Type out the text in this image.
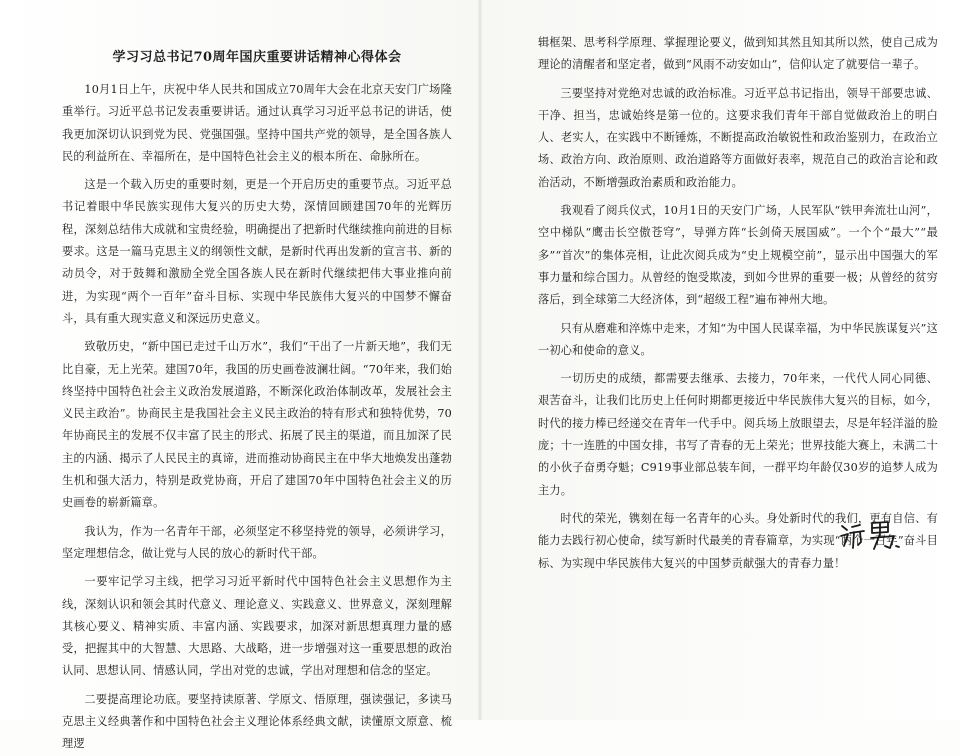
学习习总书记70周年国庆重要讲话精神心得体会

10月1日上午，庆祝中华人民共和国成立70周年大会在北京天安门广场隆重举行。习近平总书记发表重要讲话。通过认真学习习近平总书记的讲话，使我更加深切认识到党为民、党强国强。坚持中国共产党的领导，是全国各族人民的利益所在、幸福所在，是中国特色社会主义的根本所在、命脉所在。

这是一个载入历史的重要时刻，更是一个开启历史的重要节点。习近平总书记着眼中华民族实现伟大复兴的历史大势，深情回顾建国70年的光辉历程，深刻总结伟大成就和宝贵经验，明确提出了把新时代继续推向前进的目标要求。这是一篇马克思主义的纲领性文献，是新时代再出发新的宣言书、新的动员令，对于鼓舞和激励全党全国各族人民在新时代继续把伟大事业推向前进，为实现“两个一百年”奋斗目标、实现中华民族伟大复兴的中国梦不懈奋斗，具有重大现实意义和深远历史意义。

致敬历史，“新中国已走过千山万水”，我们“干出了一片新天地”，我们无比自豪，无上光荣。建国70年，我国的历史画卷波澜壮阔。“70年来，我们始终坚持中国特色社会主义政治发展道路，不断深化政治体制改革，发展社会主义民主政治”。协商民主是我国社会主义民主政治的特有形式和独特优势，70年协商民主的发展不仅丰富了民主的形式、拓展了民主的渠道，而且加深了民主的内涵、揭示了人民民主的真谛，进而推动协商民主在中华大地焕发出蓬勃生机和强大活力，特别是政党协商，开启了建国70年中国特色社会主义的历史画卷的崭新篇章。

我认为，作为一名青年干部，必须坚定不移坚持党的领导，必须讲学习，坚定理想信念，做让党与人民的放心的新时代干部。

一要牢记学习主线，把学习习近平新时代中国特色社会主义思想作为主线，深刻认识和领会其时代意义、理论意义、实践意义、世界意义，深刻理解其核心要义、精神实质、丰富内涵、实践要求，加深对新思想真理力量的感受，把握其中的大智慧、大思路、大战略，进一步增强对这一重要思想的政治认同、思想认同、情感认同，学出对党的忠诚，学出对理想和信念的坚定。

二要提高理论功底。要坚持读原著、学原文、悟原理，强读强记，多读马克思主义经典著作和中国特色社会主义理论体系经典文献，读懂原文原意、梳理逻

辑框架、思考科学原理、掌握理论要义，做到知其然且知其所以然，使自己成为理论的清醒者和坚定者，做到“风雨不动安如山”，信仰认定了就要信一辈子。

三要坚持对党绝对忠诚的政治标准。习近平总书记指出，领导干部要忠诚、干净、担当，忠诚始终是第一位的。这要求我们青年干部自觉做政治上的明白人、老实人，在实践中不断锤炼，不断提高政治敏锐性和政治鉴别力，在政治立场、政治方向、政治原则、政治道路等方面做好表率，规范自己的政治言论和政治活动，不断增强政治素质和政治能力。

我观看了阅兵仪式，10月1日的天安门广场，人民军队“铁甲奔流壮山河”，空中梯队“鹰击长空傲苍穹”，导弹方阵“长剑倚天展国威”。一个个“最大”“最多”“首次”的集体亮相，让此次阅兵成为“史上规模空前”，显示出中国强大的军事力量和综合国力。从曾经的饱受欺凌，到如今世界的重要一极；从曾经的贫穷落后，到全球第二大经济体，到“超级工程”遍布神州大地。

只有从磨难和淬炼中走来，才知“为中国人民谋幸福，为中华民族谋复兴”这一初心和使命的意义。

一切历史的成绩，都需要去继承、去接力，70年来，一代代人同心同德、艰苦奋斗，让我们比历史上任何时期都更接近中华民族伟大复兴的目标，如今，时代的接力棒已经递交在青年一代手中。阅兵场上放眼望去，尽是年轻洋溢的脸庞；十一连胜的中国女排，书写了青春的无上荣光；世界技能大赛上，未满二十的小伙子奋勇夺魁；C919事业部总装车间，一群平均年龄仅30岁的追梦人成为主力。

时代的荣光，镌刻在每一名青年的心头。身处新时代的我们，更有自信、有能力去践行初心使命，续写新时代最美的青春篇章，为实现“两个一百年”奋斗目标、为实现中华民族伟大复兴的中国梦贡献强大的青春力量！
